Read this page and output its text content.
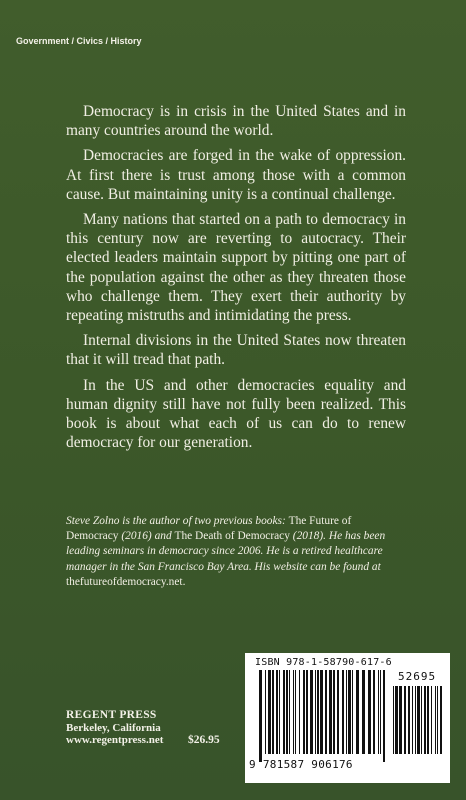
Government / Civics / History

Democracy is in crisis in the United States and in many countries around the world.

Democracies are forged in the wake of oppression. At first there is trust among those with a common cause. But maintaining unity is a continual challenge.

Many nations that started on a path to democracy in this century now are reverting to autocracy. Their elected leaders maintain support by pitting one part of the population against the other as they threaten those who challenge them. They exert their authority by repeating mistruths and intimidating the press.

Internal divisions in the United States now threaten that it will tread that path.

In the US and other democracies equality and human dignity still have not fully been realized. This book is about what each of us can do to renew democracy for our generation.

Steve Zolno is the author of two previous books: The Future of Democracy (2016) and The Death of Democracy (2018). He has been leading seminars in democracy since 2006. He is a retired healthcare manager in the San Francisco Bay Area. His website can be found at thefutureofdemocracy.net.
REGENT PRESS
Berkeley, California
www.regentpress.net $26.95
ISBN 978-1-58790-617-6
52695
9 781587 906176
